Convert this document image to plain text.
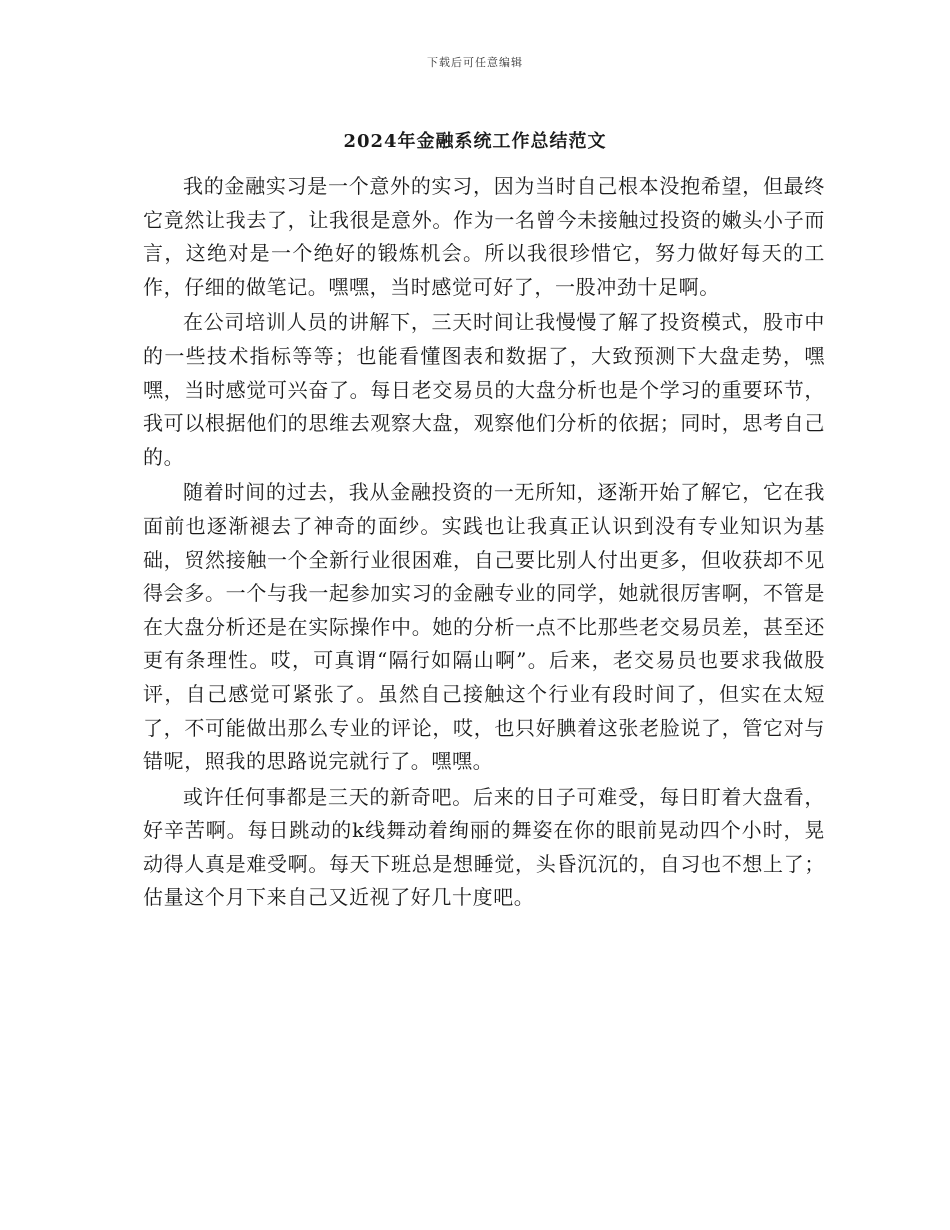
下载后可任意编辑
2024年金融系统工作总结范文

我的金融实习是一个意外的实习，因为当时自己根本没抱希望，但最终它竟然让我去了，让我很是意外。作为一名曾今未接触过投资的嫩头小子而言，这绝对是一个绝好的锻炼机会。所以我很珍惜它，努力做好每天的工作，仔细的做笔记。嘿嘿，当时感觉可好了，一股冲劲十足啊。

在公司培训人员的讲解下，三天时间让我慢慢了解了投资模式，股市中的一些技术指标等等；也能看懂图表和数据了，大致预测下大盘走势，嘿嘿，当时感觉可兴奋了。每日老交易员的大盘分析也是个学习的重要环节，我可以根据他们的思维去观察大盘，观察他们分析的依据；同时，思考自己的。

随着时间的过去，我从金融投资的一无所知，逐渐开始了解它，它在我面前也逐渐褪去了神奇的面纱。实践也让我真正认识到没有专业知识为基础，贸然接触一个全新行业很困难，自己要比别人付出更多，但收获却不见得会多。一个与我一起参加实习的金融专业的同学，她就很厉害啊，不管是在大盘分析还是在实际操作中。她的分析一点不比那些老交易员差，甚至还更有条理性。哎，可真谓“隔行如隔山啊”。后来，老交易员也要求我做股评，自己感觉可紧张了。虽然自己接触这个行业有段时间了，但实在太短了，不可能做出那么专业的评论，哎，也只好腆着这张老脸说了，管它对与错呢，照我的思路说完就行了。嘿嘿。

或许任何事都是三天的新奇吧。后来的日子可难受，每日盯着大盘看，好辛苦啊。每日跳动的k线舞动着绚丽的舞姿在你的眼前晃动四个小时，晃动得人真是难受啊。每天下班总是想睡觉，头昏沉沉的，自习也不想上了；估量这个月下来自己又近视了好几十度吧。
